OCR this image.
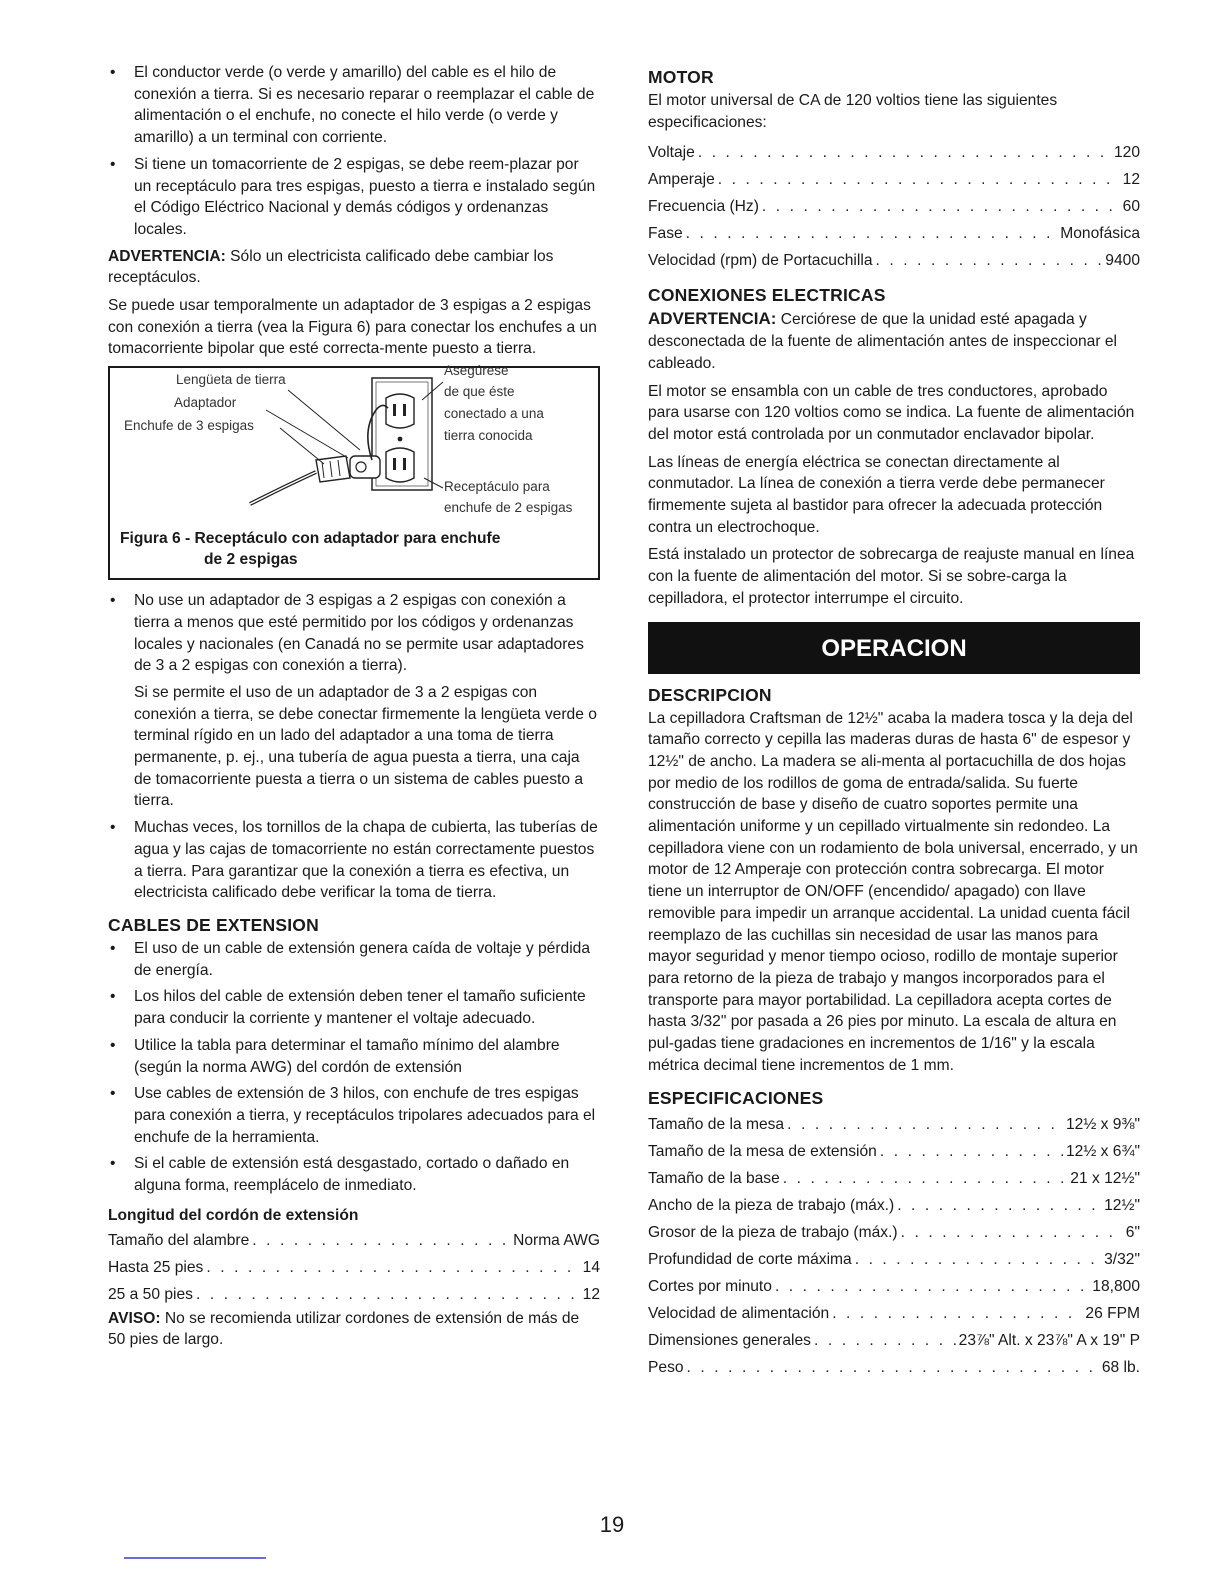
• El conductor verde (o verde y amarillo) del cable es el hilo de conexión a tierra. Si es necesario reparar o reemplazar el cable de alimentación o el enchufe, no conecte el hilo verde (o verde y amarillo) a un terminal con corriente.
• Si tiene un tomacorriente de 2 espigas, se debe reem-plazar por un receptáculo para tres espigas, puesto a tierra e instalado según el Código Eléctrico Nacional y demás códigos y ordenanzas locales.

ADVERTENCIA: Sólo un electricista calificado debe cambiar los receptáculos.

Se puede usar temporalmente un adaptador de 3 espigas a 2 espigas con conexión a tierra (vea la Figura 6) para conectar los enchufes a un tomacorriente bipolar que esté correcta-mente puesto a tierra.

Lengüeta de tierra
Adaptador
Enchufe de 3 espigas
Asegúrese
de que éste
conectado a una
tierra conocida
Receptáculo para
enchufe de 2 espigas
Figura 6 - Receptáculo con adaptador para enchufe
de 2 espigas
• No use un adaptador de 3 espigas a 2 espigas con conexión a tierra a menos que esté permitido por los códigos y ordenanzas locales y nacionales (en Canadá no se permite usar adaptadores de 3 a 2 espigas con conexión a tierra).

Si se permite el uso de un adaptador de 3 a 2 espigas con conexión a tierra, se debe conectar firmemente la lengüeta verde o terminal rígido en un lado del adaptador a una toma de tierra permanente, p. ej., una tubería de agua puesta a tierra, una caja de tomacorriente puesta a tierra o un sistema de cables puesto a tierra.

• Muchas veces, los tornillos de la chapa de cubierta, las tuberías de agua y las cajas de tomacorriente no están correctamente puestos a tierra. Para garantizar que la conexión a tierra es efectiva, un electricista calificado debe verificar la toma de tierra.
CABLES DE EXTENSION
• El uso de un cable de extensión genera caída de voltaje y pérdida de energía.
• Los hilos del cable de extensión deben tener el tamaño suficiente para conducir la corriente y mantener el voltaje adecuado.
• Utilice la tabla para determinar el tamaño mínimo del alambre (según la norma AWG) del cordón de extensión
• Use cables de extensión de 3 hilos, con enchufe de tres espigas para conexión a tierra, y receptáculos tripolares adecuados para el enchufe de la herramienta.
• Si el cable de extensión está desgastado, cortado o dañado en alguna forma, reemplácelo de inmediato.
Longitud del cordón de extensión
Tamaño del alambre . . .	Norma AWG
Hasta 25 pies . . .	14
25 a 50 pies . . .	12

AVISO: No se recomienda utilizar cordones de extensión de más de 50 pies de largo.

MOTOR

El motor universal de CA de 120 voltios tiene las siguientes especificaciones:

Voltaje . . .	120
Amperaje . . .	12
Frecuencia (Hz) . . .	60
Fase . . .	Monofásica
Velocidad (rpm) de Portacuchilla . . .	9400
CONEXIONES ELECTRICAS

ADVERTENCIA: Cerciórese de que la unidad esté apagada y desconectada de la fuente de alimentación antes de inspeccionar el cableado.

El motor se ensambla con un cable de tres conductores, aprobado para usarse con 120 voltios como se indica. La fuente de alimentación del motor está controlada por un conmutador enclavador bipolar.

Las líneas de energía eléctrica se conectan directamente al conmutador. La línea de conexión a tierra verde debe permanecer firmemente sujeta al bastidor para ofrecer la adecuada protección contra un electrochoque.

Está instalado un protector de sobrecarga de reajuste manual en línea con la fuente de alimentación del motor. Si se sobre-carga la cepilladora, el protector interrumpe el circuito.

OPERACION
DESCRIPCION

La cepilladora Craftsman de 12½" acaba la madera tosca y la deja del tamaño correcto y cepilla las maderas duras de hasta 6" de espesor y 12½" de ancho. La madera se ali-menta al portacuchilla de dos hojas por medio de los rodillos de goma de entrada/salida. Su fuerte construcción de base y diseño de cuatro soportes permite una alimentación uniforme y un cepillado virtualmente sin redondeo. La cepilladora viene con un rodamiento de bola universal, encerrado, y un motor de 12 Amperaje con protección contra sobrecarga. El motor tiene un interruptor de ON/OFF (encendido/ apagado) con llave removible para impedir un arranque accidental. La unidad cuenta fácil reemplazo de las cuchillas sin necesidad de usar las manos para mayor seguridad y menor tiempo ocioso, rodillo de montaje superior para retorno de la pieza de trabajo y mangos incorporados para el transporte para mayor portabilidad. La cepilladora acepta cortes de hasta 3/32" por pasada a 26 pies por minuto. La escala de altura en pul-gadas tiene gradaciones en incrementos de 1/16" y la escala métrica decimal tiene incrementos de 1 mm.

ESPECIFICACIONES
Tamaño de la mesa . . .	12½ x 9⅜"
Tamaño de la mesa de extensión . . .	12½ x 6¾"
Tamaño de la base . . .	21 x 12½"
Ancho de la pieza de trabajo (máx.) . . .	12½"
Grosor de la pieza de trabajo (máx.) . . .	6"
Profundidad de corte máxima . . .	3/32"
Cortes por minuto . . .	18,800
Velocidad de alimentación . . .	26 FPM
Dimensiones generales . . .	23⅞" Alt. x 23⅞" A x 19" P
Peso . . .	68 lb.
19
